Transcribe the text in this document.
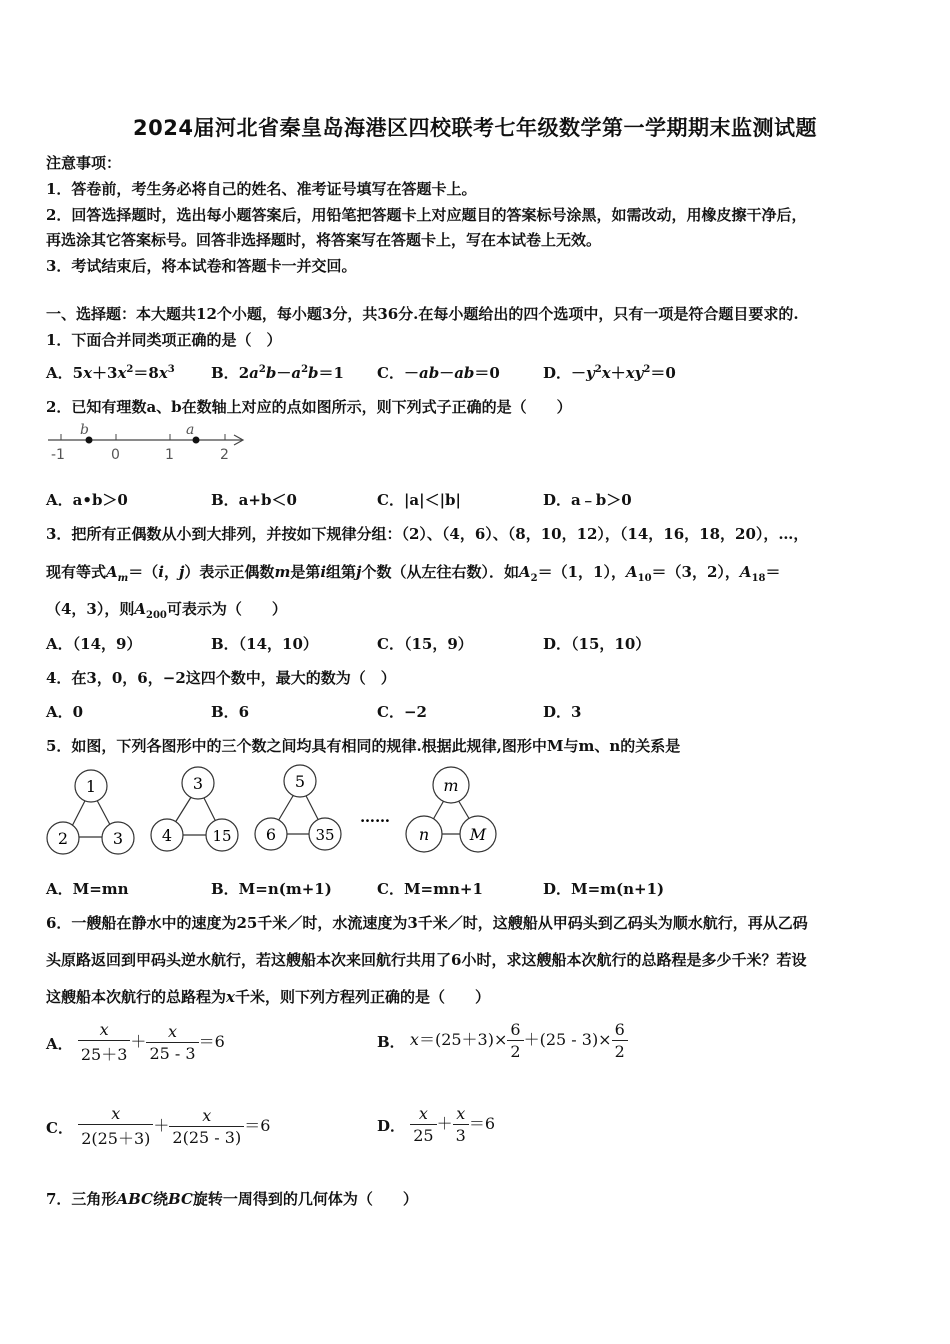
2024届河北省秦皇岛海港区四校联考七年级数学第一学期期末监测试题
注意事项：
1．答卷前，考生务必将自己的姓名、准考证号填写在答题卡上。
2．回答选择题时，选出每小题答案后，用铅笔把答题卡上对应题目的答案标号涂黑，如需改动，用橡皮擦干净后，
再选涂其它答案标号。回答非选择题时，将答案写在答题卡上，写在本试卷上无效。
3．考试结束后，将本试卷和答题卡一并交回。
一、选择题：本大题共12个小题，每小题3分，共36分.在每小题给出的四个选项中，只有一项是符合题目要求的.
1．下面合并同类项正确的是（　）
A．$5x+3x^2=8x^3$ B．$2a^2b-a^2b=1$ C．－ab－ab＝0	D．$-y^2x+xy^2=0$
2．已知有理数a、b在数轴上对应的点如图所示，则下列式子正确的是（　　）
b	a
-1	0	1	2
A．a•b＞0	B．a+b＜0	C．|a|＜|b|	D．a﹣b＞0
3．把所有正偶数从小到大排列，并按如下规律分组：（2）、（4，6）、（8，10，12），（14，16，18，20），…，
现有等式$A_m=(i$，j）表示正偶数m是第i组第j个数（从左往右数）．如$A_2=(1$，1），$A_{10}=(3$，2），$A_{18}=$
（4，3），则$A_{200}$可表示为（　　）
A．（14，9）	B．（14，10）	C．（15，9）	D．（15，10）
4．在3，0，6，−2这四个数中，最大的数为（　）
A．0	B．6	C．−2	D．3
5．如图，下列各图形中的三个数之间均具有相同的规律.根据此规律,图形中M与m、n的关系是
1
2	3
3
4	15
5
6	35
……
m
n	M
A．M=mn	B．M=n(m+1)	C．M=mn+1	D．M=m(n+1)
6．一艘船在静水中的速度为25千米／时，水流速度为3千米／时，这艘船从甲码头到乙码头为顺水航行，再从乙码
头原路返回到甲码头逆水航行，若这艘船本次来回航行共用了6小时，求这艘船本次航行的总路程是多少千米？若设
这艘船本次航行的总路程为x千米，则下列方程列正确的是（　　）
A． $\frac{x}{25+3} + \frac{x}{25 - 3} =6$	B． $x=(25+3)\times \frac{6}{2} +(25 - 3)\times \frac{6}{2}$
C． $\frac{x}{2(25+3)} + \frac{x}{2(25 - 3)} =6$	D． $\frac{x}{25} + \frac{x}{3} =6$
7．三角形ABC绕BC旋转一周得到的几何体为（　　）
